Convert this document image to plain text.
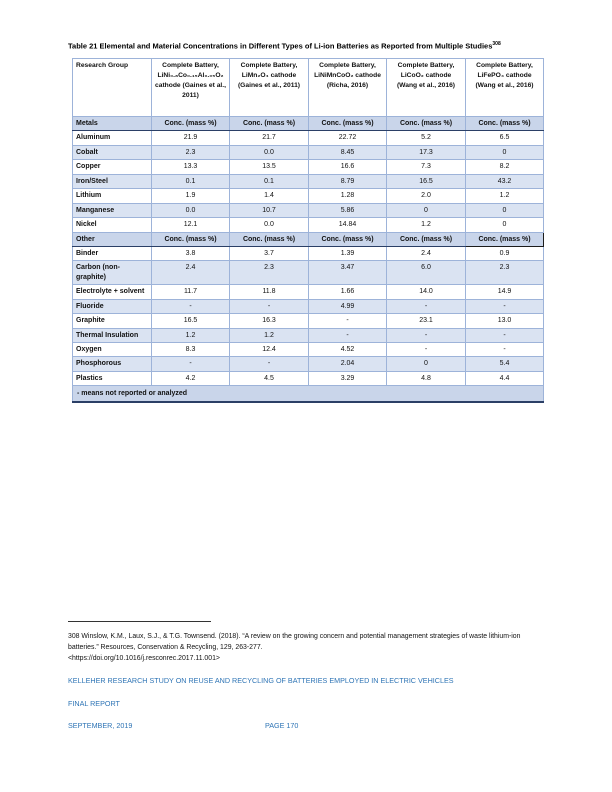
Table 21 Elemental and Material Concentrations in Different Types of Li-ion Batteries as Reported from Multiple Studies$^{308}$
Research Group	Complete Battery, LiNi₀.₈Co₀.₁₅Al₀.₀₅O₂ cathode (Gaines et al., 2011)	Complete Battery, LiMn₂O₄ cathode (Gaines et al., 2011)	Complete Battery, LiNiMnCoO₂ cathode (Richa, 2016)	Complete Battery, LiCoO₂ cathode (Wang et al., 2016)	Complete Battery, LiFePO₄ cathode (Wang et al., 2016)
Metals	Conc. (mass %)	Conc. (mass %)	Conc. (mass %)	Conc. (mass %)	Conc. (mass %)
Aluminum	21.9	21.7	22.72	5.2	6.5
Cobalt	2.3	0.0	8.45	17.3	0
Copper	13.3	13.5	16.6	7.3	8.2
Iron/Steel	0.1	0.1	8.79	16.5	43.2
Lithium	1.9	1.4	1.28	2.0	1.2
Manganese	0.0	10.7	5.86	0	0
Nickel	12.1	0.0	14.84	1.2	0
Other	Conc. (mass %)	Conc. (mass %)	Conc. (mass %)	Conc. (mass %)	Conc. (mass %)
Binder	3.8	3.7	1.39	2.4	0.9
Carbon (non-graphite)	2.4	2.3	3.47	6.0	2.3
Electrolyte + solvent	11.7	11.8	1.66	14.0	14.9
Fluoride	-	-	4.99	-	-
Graphite	16.5	16.3	-	23.1	13.0
Thermal Insulation	1.2	1.2	-	-	-
Oxygen	8.3	12.4	4.52	-	-
Phosphorous	-	-	2.04	0	5.4
Plastics	4.2	4.5	3.29	4.8	4.4
- means not reported or analyzed					
308 Winslow, K.M., Laux, S.J., & T.G. Townsend. (2018). “A review on the growing concern and potential management strategies of waste lithium-ion batteries.” Resources, Conservation & Recycling, 129, 263-277.
<https://doi.org/10.1016/j.resconrec.2017.11.001>
KELLEHER RESEARCH STUDY ON REUSE AND RECYCLING OF BATTERIES EMPLOYED IN ELECTRIC VEHICLES
FINAL REPORT
SEPTEMBER, 2019	PAGE 170
